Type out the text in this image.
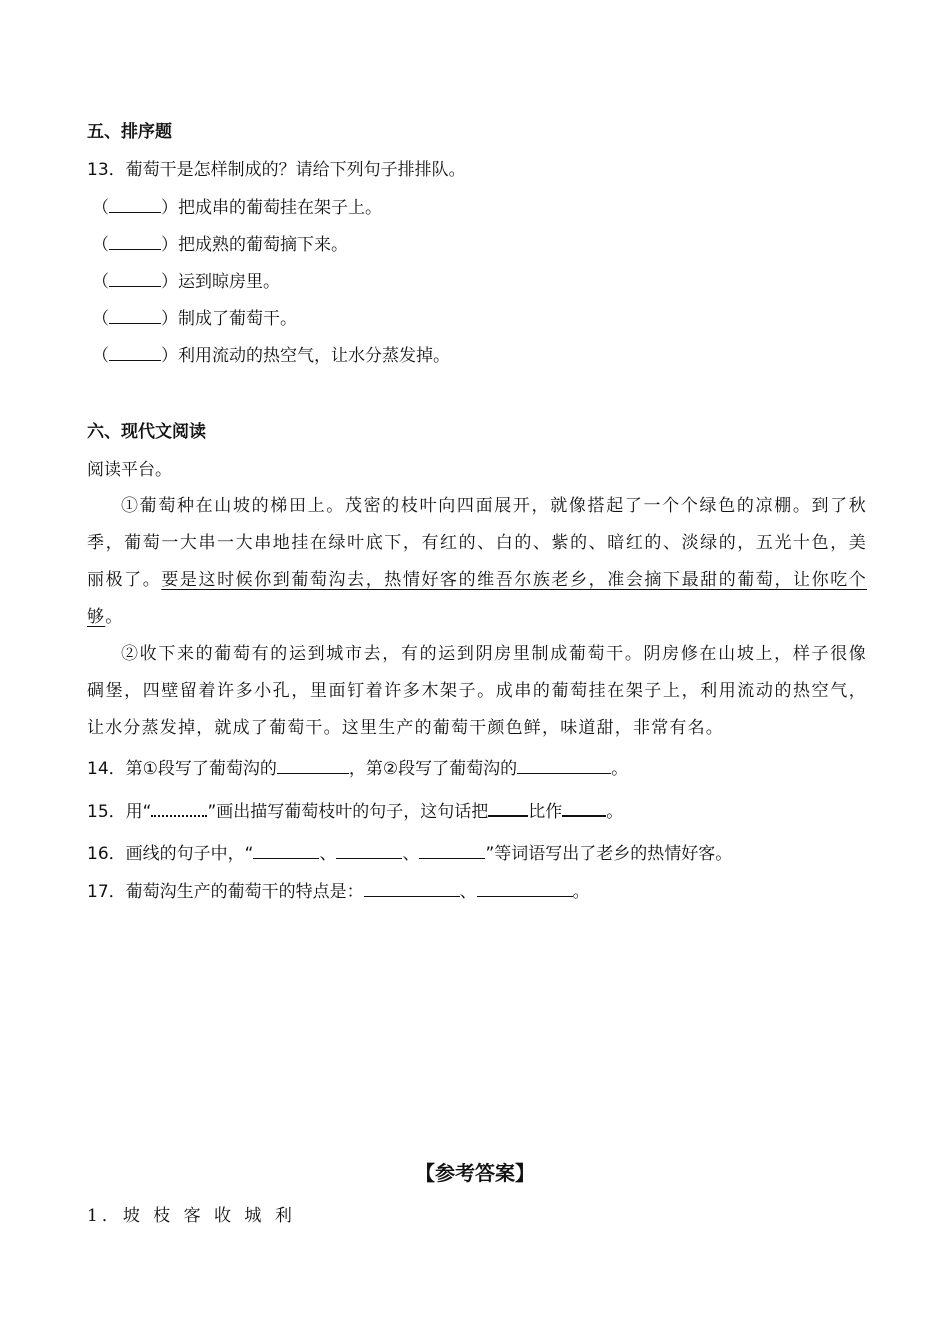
五、排序题
13．葡萄干是怎样制成的？请给下列句子排排队。
（	）把成串的葡萄挂在架子上。
（	）把成熟的葡萄摘下来。
（	）运到晾房里。
（	）制成了葡萄干。
（	）利用流动的热空气，让水分蒸发掉。
六、现代文阅读
阅读平台。
①葡萄种在山坡的梯田上。茂密的枝叶向四面展开，就像搭起了一个个绿色的凉棚。到了秋季，葡萄一大串一大串地挂在绿叶底下，有红的、白的、紫的、暗红的、淡绿的，五光十色，美丽极了。要是这时候你到葡萄沟去，热情好客的维吾尔族老乡，准会摘下最甜的葡萄，让你吃个够。
②收下来的葡萄有的运到城市去，有的运到阴房里制成葡萄干。阴房修在山坡上，样子很像碉堡，四壁留着许多小孔，里面钉着许多木架子。成串的葡萄挂在架子上，利用流动的热空气，让水分蒸发掉，就成了葡萄干。这里生产的葡萄干颜色鲜，味道甜，非常有名。
14．第①段写了葡萄沟的	，第②段写了葡萄沟的	。
15．用“	”画出描写葡萄枝叶的句子，这句话把 比作	。
16．画线的句子中，“	、	、	”等词语写出了老乡的热情好客。
17．葡萄沟生产的葡萄干的特点是：	、	。
【参考答案】
1．坡 枝 客 收 城 利
